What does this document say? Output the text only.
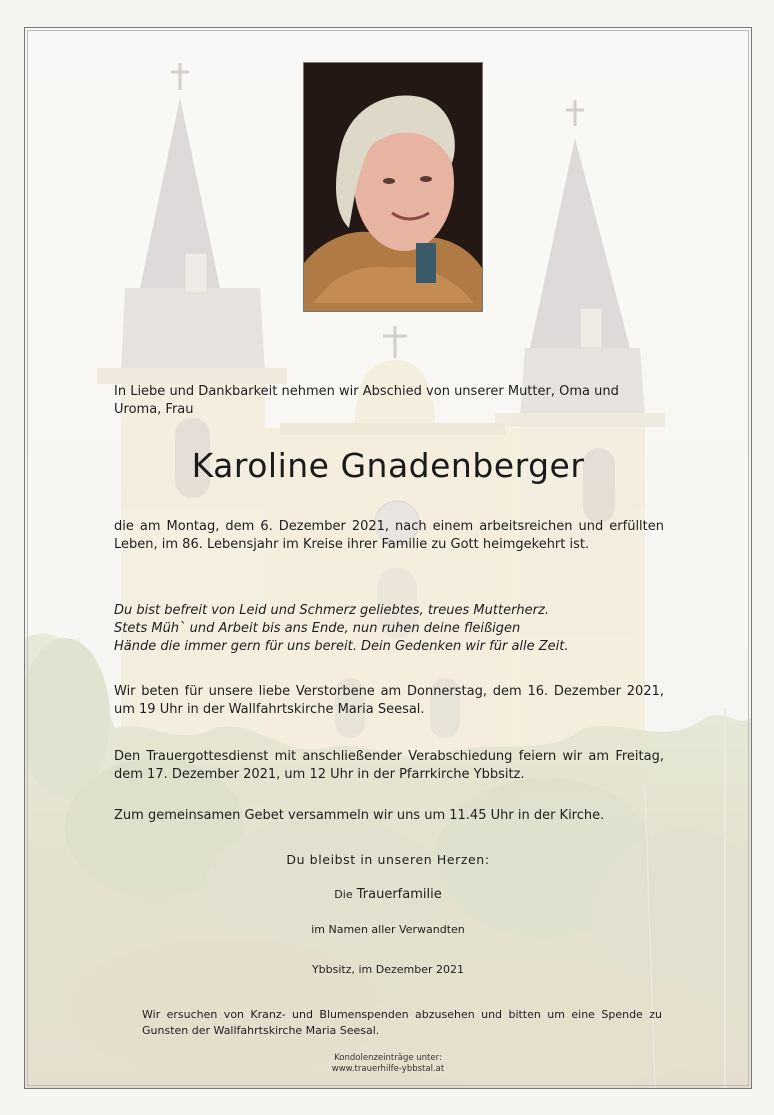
In Liebe und Dankbarkeit nehmen wir Abschied von unserer Mutter, Oma und Uroma, Frau
Karoline Gnadenberger
die am Montag, dem 6. Dezember 2021, nach einem arbeitsreichen und erfüllten Leben, im 86. Lebensjahr im Kreise ihrer Familie zu Gott heimgekehrt ist.
Du bist befreit von Leid und Schmerz geliebtes, treues Mutterherz.
Stets Müh` und Arbeit bis ans Ende, nun ruhen deine fleißigen
Hände die immer gern für uns bereit. Dein Gedenken wir für alle Zeit.
Wir beten für unsere liebe Verstorbene am Donnerstag, dem 16. Dezember 2021, um 19 Uhr in der Wallfahrtskirche Maria Seesal.
Den Trauergottesdienst mit anschließender Verabschiedung feiern wir am Freitag, dem 17. Dezember 2021, um 12 Uhr in der Pfarrkirche Ybbsitz.
Zum gemeinsamen Gebet versammeln wir uns um 11.45 Uhr in der Kirche.
Du bleibst in unseren Herzen:
Die Trauerfamilie
im Namen aller Verwandten
Ybbsitz, im Dezember 2021
Wir ersuchen von Kranz- und Blumenspenden abzusehen und bitten um eine Spende zu Gunsten der Wallfahrtskirche Maria Seesal.
Kondolenzeinträge unter:
www.trauerhilfe-ybbstal.at
